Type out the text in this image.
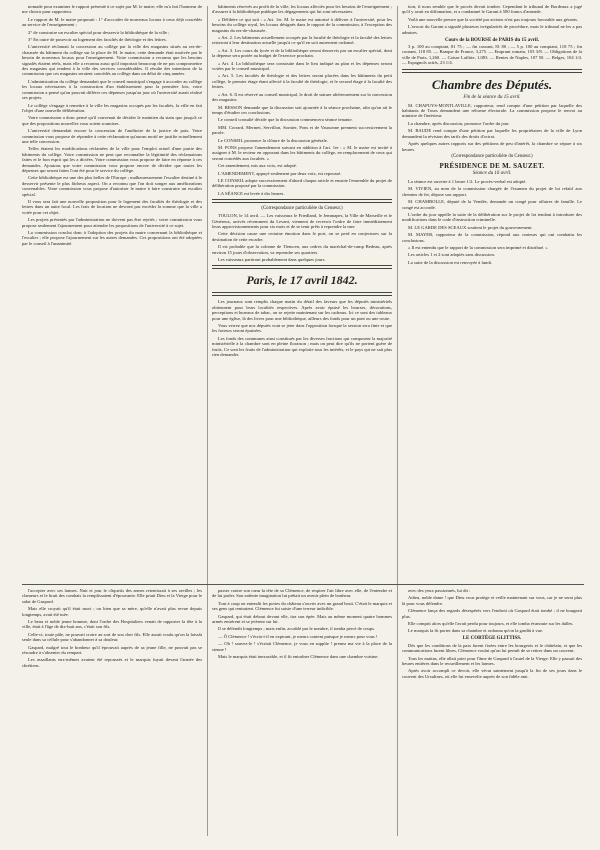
nomade pour examiner le rapport présenté à ce sujet par M. le maire; elle m'a fait l'honneur de me choisir pour rapporteur.

Le rapport de M. le maire proposait : 1° d'accorder de nouveaux locaux à ceux déjà concédés au service de l'enseignement ;

2° de construire un escalier spécial pour desservir la bibliothèque de la ville ;

3° En outre de pourvoir au logement des facultés de théologie et des lettres.

L'université réclamait la concession au collège par la ville des magasins situés au rez-de-chaussée du bâtiment du collège sur la place de M. le maire, cette demande était motivée par le besoin de nouveaux locaux pour l'enseignement. Votre commission a reconnu que les besoins signalés étaient réels, mais elle a reconnu aussi qu'il importait beaucoup de ne pas compromettre des magasins qui rendent à la ville des services considérables. Il résulte des intentions de la commission que ces magasins seraient concédés au collège dans un délai de cinq années.

L'administration du collège demandait que le conseil municipal s'engage à accorder au collège les locaux nécessaires à la construction d'un établissement pour la première fois, votre commission a pensé qu'on pouvait différer ces dépenses jusqu'au jour où l'université aurait réalisé ses projets.

Le collège s'engage à remettre à la ville les magasins occupés par les facultés, la ville en fait l'objet d'une nouvelle délibération.

Votre commission a donc pensé qu'il convenait de décider le maintien du statu quo jusqu'à ce que des propositions nouvelles vous soient soumises.

L'université demandait encore la concession de l'auditoire de la justice de paix. Votre commission vous propose de répondre à cette réclamation qu'aucun motif ne justifie actuellement une telle concession.

Telles étaient les modifications réclamées de la ville pour l'emploi actuel d'une partie des bâtiments du collège. Votre commission ne peut que reconnaître la légitimité des réclamations faites et le bon esprit qui les a dictées. Votre commission vous propose de faire en réponse à ces demandes. Ajoutons que votre commission vous propose encore de décider que toutes les dépenses qui seront faites l'ont été pour le service du collège.

Cette bibliothèque est une des plus belles de l'Europe ; malheureusement l'escalier destiné à le desservir présente le plus fâcheux aspect. On a reconnu que l'on doit songer aux améliorations convenables. Votre commission vous propose d'autoriser le maire à faire construire un escalier spécial.

Il vous sera fait une nouvelle proposition pour le logement des facultés de théologie et des lettres dans un autre local. Les frais de location ne devront pas excéder la somme que la ville a votée pour cet objet.

Les projets présentés par l'administration ne doivent pas être rejetés ; votre commission vous propose seulement l'ajournement pour attendre les propositions de l'université à ce sujet.

La commission conclut donc à l'adoption des projets du maire concernant la bibliothèque et l'escalier ; elle propose l'ajournement sur les autres demandes. Ces propositions ont été adoptées par le conseil à l'unanimité.

bâtiments réservés au profit de la ville, les locaux affectés pour les besoins de l'enseignement ; d'assurer à la bibliothèque publique les dégagements qui lui sont nécessaires.

« Délibère ce qui suit : « Art. 1er. M. le maire est autorisé à délivrer à l'université, pour les besoins du collège royal, les locaux désignés dans le rapport de la commission, à l'exception des magasins du rez-de-chaussée.

« Art. 2. Les bâtiments actuellement occupés par la faculté de théologie et la faculté des lettres resteront à leur destination actuelle jusqu'à ce qu'il en soit autrement ordonné.

« Art. 3. Les cours du lycée et de la bibliothèque seront desservis par un escalier spécial, dont la dépense sera portée au budget de l'exercice prochain.

« Art. 4. La bibliothèque sera construite dans le lieu indiqué au plan et les dépenses seront votées par le conseil municipal.

« Art. 5. Les facultés de théologie et des lettres seront placées dans les bâtiments du petit collège, le premier étage étant affecté à la faculté de théologie, et le second étage à la faculté des lettres.

« Art. 6. Il est réservé au conseil municipal, le droit de statuer ultérieurement sur la concession des magasins.

M. BESSON demande que la discussion soit ajournée à la séance prochaine, afin qu'on ait le temps d'étudier ces conclusions.

Le conseil consulté décide que la discussion commencera séance tenante.

MM. Corrard, Mermet, Servillon, Sornier, Pons et de Vauxonne prennent successivement la parole.

Le CONSEIL prononce la clôture de la discussion générale.

M. PONS propose l'amendement suivant en addition à l'art. 1er : « M. le maire est invité à assigner à M. le recteur en opposant dans les bâtiments du collège, en remplacement de ceux qui seront concédés aux facultés. »

Cet amendement, mis aux voix, est adopté.

L'AMENDEMENT, appuyé seulement par deux voix, est repoussé.

LE CONSEIL adopte successivement d'abord chaque article et ensuite l'ensemble du projet de délibération proposé par la commission.

LA SÉANCE est levée à dix heures.

(Correspondance particulière du Censeur.)

TOULON, le 14 avril. — Les vaisseaux le Friedland, le Jemmapes, la Ville de Marseille et le Généreux, arrivés récemment du Levant, viennent de recevoir l'ordre de faire immédiatement leurs approvisionnements pour six mois et de se tenir prêts à reprendre la mer.

Cette décision cause une certaine émotion dans le port, on se perd en conjectures sur la destination de cette escadre.

Il est probable que la colonne de Tlemcen, aux ordres du maréchal-de-camp Bedeau, après environ 15 jours d'observation, va reprendre ses quartiers.

Les vaisseaux partiront probablement dans quelques jours.

Paris, le 17 avril 1842.

Les journaux sont remplis chaque matin du détail des faveurs que les députés ministériels obtiennent pour leurs localités respectives. Après avoir épuisé les bourses, décorations, perceptions et bureaux de tabac, on se rejette maintenant sur les cadeaux. Ici ce sont des tableaux pour une église, là des livres pour une bibliothèque, ailleurs des fonds pour un pont ou une route.

Vous verrez que nos députés vont se jeter dans l'opposition lorsque la session sera finie et que les faveurs seront épuisées.

Les fonds des communes ainsi constitués par les diverses fractions qui composent la majorité ministérielle à la chambre sont en pleine floraison ; mais on peut dire qu'ils ne portent guère de fruits. Ce sont les fruits de l'administration qui exploite tous les intérêts, et le pays qui ne sait plus rien demander.

tion, il nous semble que le procès devait tomber. Cependant le tribunal de Bordeaux a jugé qu'il y avait eu diffamation, et a condamné le Garant à 500 francs d'amende.

Voilà une nouvelle preuve que la société par actions n'est pas toujours favorable aux gérants.

L'avocat du Garant a signalé plusieurs irrégularités de procédure, mais le tribunal ne les a pas admises.

Cours de la BOURSE de PARIS du 15 avril.

3 p. 100 au comptant, 81 75 ; — fin courant, 81 80 ; — 5 p. 100 au comptant, 118 75 ; fin courant, 118 85. — Banque de France, 3,275. — Emprunt romain, 103 3/8. — Obligations de la ville de Paris, 1,260. — Caisse Laffitte, 1,083. — Rentes de Naples, 107 50. — Belges, 104 1/4. — Espagnols actifs, 23 1/4.

Chambre des Députés.
Fin de la séance du 15 avril.

M. CHAPUYS-MONTLAVILLE, rapporteur, rend compte d'une pétition par laquelle des habitants de Tours demandent une réforme électorale. La commission propose le renvoi au ministre de l'intérieur.

La chambre, après discussion, prononce l'ordre du jour.

M. BAUDE rend compte d'une pétition par laquelle les propriétaires de la ville de Lyon demandent la révision des tarifs des droits d'octroi.

Après quelques autres rapports sur des pétitions de peu d'intérêt, la chambre se sépare à six heures.

(Correspondance particulière du Censeur.)
PRÉSIDENCE DE M. SAUZET.
Séance du 16 avril.

La séance est ouverte à 1 heure 1/2. Le procès-verbal est adopté.

M. VIVIEN, au nom de la commission chargée de l'examen du projet de loi relatif aux chemins de fer, dépose son rapport.

M. CHAMBOLLE, député de la Vendée, demande un congé pour affaires de famille. Le congé est accordé.

L'ordre du jour appelle la suite de la délibération sur le projet de loi tendant à introduire des modifications dans le code d'instruction criminelle.

M. LE GARDE DES SCEAUX soutient le projet du gouvernement.

M. MAYER, rapporteur de la commission, répond aux orateurs qui ont combattu les conclusions.

« Il est entendu que le rapport de la commission sera imprimé et distribué. »

Les articles 1 et 2 sont adoptés sans discussion.

La suite de la discussion est renvoyée à lundi.

l'accepter avec ses larmes. Nuit et jour le cliquetis des armes retentissait à ses oreilles ; les clameurs et le bruit des combats la remplissaient d'épouvante. Elle priait Dieu et la Vierge pour le salut de Gaspard.

Mais elle croyait qu'il était mort ; ou bien que sa mère, qu'elle n'avait plus revue depuis longtemps, avait été tuée.

Le beau et noble jeune homme, dont l'ordre des Hospitaliers venait de rapporter la tête à la ville, était à l'âge de dix-huit ans, c'était son fils.

Celle-ci, toute pâle, ne pouvait croire au sort de son cher fils. Elle aurait voulu qu'on la laissât seule dans sa cellule pour s'abandonner à sa douleur.

Gaspard, malgré tout le bonheur qu'il éprouvait auprès de sa jeune fille, ne pouvait pas se résoudre à s'absenter du rempart.

Les assaillants eux-mêmes avaient été repoussés et le marquis fuyait devant l'armée des chrétiens.

passer contre son cœur la tête de sa Clémence, de respirer l'air libre avec elle, de l'entendre et de lui parler. Son ardente imagination lui prêtait un avenir plein de bonheur.

Tout à coup on entendit les portes du château s'ouvrir avec un grand bruit. C'était le marquis et ses gens qui rentraient. Clémence fut saisie d'une terreur indicible.

Gaspard, qui était debout devant elle, tira son épée. Mais au même moment quatre hommes armés entrèrent et se jetèrent sur lui.

Il se défendit longtemps ; mais enfin, accablé par le nombre, il tomba percé de coups.

— Ô Clémence ! s'écria-t-il en expirant, je meurs content puisque je meurs pour vous !

— Oh ! sauvez-le ! s'écriait Clémence, je vous en supplie ! prenez ma vie à la place de la sienne !

Mais le marquis était inexorable, et il fit entraîner Clémence dans une chambre voisine.

avec des yeux passionnés, lui dit :

Adieu, noble dame ! que Dieu vous protège et veille maintenant sur vous, car je ne serai plus là pour vous défendre.

Clémence lança des regards désespérés vers l'endroit où Gaspard était tombé ; il ne bougeait plus.

Elle comprit alors qu'elle l'avait perdu pour toujours, et elle tomba évanouie sur les dalles.

Le marquis la fit porter dans sa chambre et ordonna qu'on la gardât à vue.

LE CORTÈGE GLITTISS.

Dès que les conditions de la paix furent fixées entre les bourgeois et le châtelain, et que les communications furent libres, Clémence voulut qu'on lui permît de se retirer dans un couvent.

Tous les matins, elle allait prier pour l'âme de Gaspard à l'autel de la Vierge. Elle y passait des heures entières dans le recueillement et les larmes.

Après avoir accompli ce devoir, elle vécut saintement jusqu'à la fin de ses jours dans le couvent des Ursulines, où elle fut ensevelie auprès de son fidèle ami.
